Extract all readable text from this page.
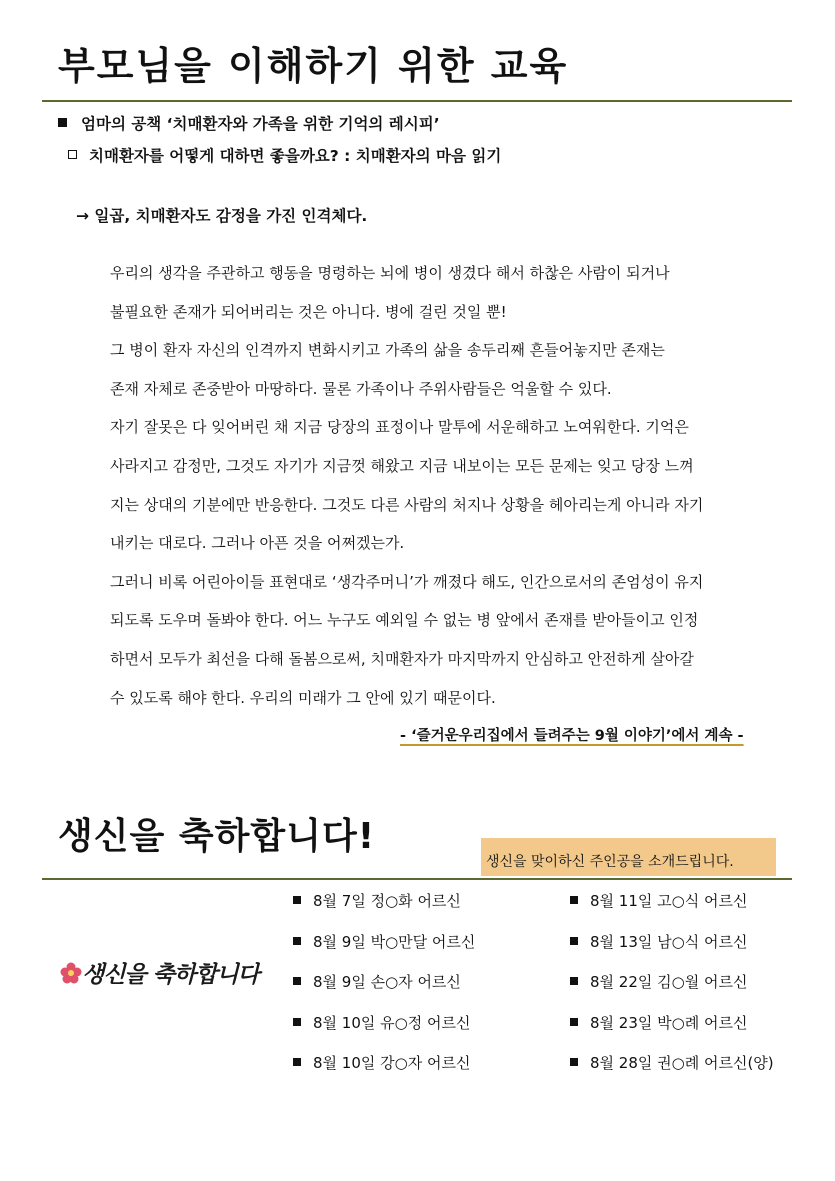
부모님을 이해하기 위한 교육
엄마의 공책 ‘치매환자와 가족을 위한 기억의 레시피’
치매환자를 어떻게 대하면 좋을까요? : 치매환자의 마음 읽기
→ 일곱, 치매환자도 감정을 가진 인격체다.
우리의 생각을 주관하고 행동을 명령하는 뇌에 병이 생겼다 해서 하찮은 사람이 되거나
불필요한 존재가 되어버리는 것은 아니다. 병에 걸린 것일 뿐!
그 병이 환자 자신의 인격까지 변화시키고 가족의 삶을 송두리째 흔들어놓지만 존재는
존재 자체로 존중받아 마땅하다. 물론 가족이나 주위사람들은 억울할 수 있다.
자기 잘못은 다 잊어버린 채 지금 당장의 표정이나 말투에 서운해하고 노여워한다. 기억은
사라지고 감정만, 그것도 자기가 지금껏 해왔고 지금 내보이는 모든 문제는 잊고 당장 느껴
지는 상대의 기분에만 반응한다. 그것도 다른 사람의 처지나 상황을 헤아리는게 아니라 자기
내키는 대로다. 그러나 아픈 것을 어쩌겠는가.
그러니 비록 어린아이들 표현대로 ‘생각주머니’가 깨졌다 해도, 인간으로서의 존엄성이 유지
되도록 도우며 돌봐야 한다. 어느 누구도 예외일 수 없는 병 앞에서 존재를 받아들이고 인정
하면서 모두가 최선을 다해 돌봄으로써, 치매환자가 마지막까지 안심하고 안전하게 살아갈
수 있도록 해야 한다. 우리의 미래가 그 안에 있기 때문이다.
- ‘즐거운우리집에서 들려주는 9월 이야기’에서 계속 -
생신을 축하합니다!
생신을 맞이하신 주인공을 소개드립니다.
생신을 축하합니다
8월 7일 정○화 어르신
8월 9일 박○만달 어르신
8월 9일 손○자 어르신
8월 10일 유○정 어르신
8월 10일 강○자 어르신
8월 11일 고○식 어르신
8월 13일 남○식 어르신
8월 22일 김○월 어르신
8월 23일 박○례 어르신
8월 28일 권○례 어르신(양)
